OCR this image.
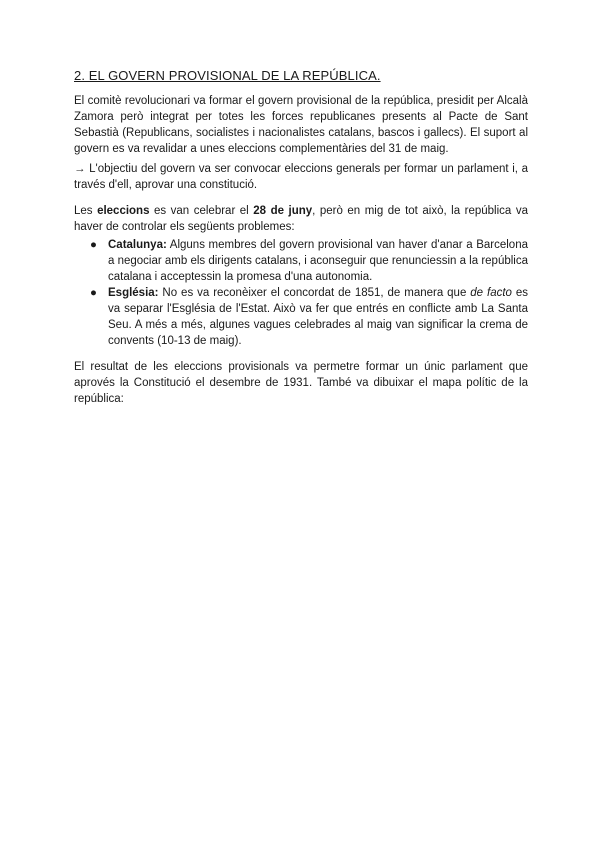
2. EL GOVERN PROVISIONAL DE LA REPÚBLICA.

El comitè revolucionari va formar el govern provisional de la república, presidit per Alcalà Zamora però integrat per totes les forces republicanes presents al Pacte de Sant Sebastià (Republicans, socialistes i nacionalistes catalans, bascos i gallecs). El suport al govern es va revalidar a unes eleccions complementàries del 31 de maig.

→ L'objectiu del govern va ser convocar eleccions generals per formar un parlament i, a través d'ell, aprovar una constitució.

Les eleccions es van celebrar el 28 de juny, però en mig de tot això, la república va haver de controlar els següents problemes:

● Catalunya: Alguns membres del govern provisional van haver d'anar a Barcelona a negociar amb els dirigents catalans, i aconseguir que renunciessin a la república catalana i acceptessin la promesa d'una autonomia.
● Església: No es va reconèixer el concordat de 1851, de manera que de facto es va separar l'Església de l'Estat. Això va fer que entrés en conflicte amb La Santa Seu. A més a més, algunes vagues celebrades al maig van significar la crema de convents (10-13 de maig).

El resultat de les eleccions provisionals va permetre formar un únic parlament que aprovés la Constitució el desembre de 1931. També va dibuixar el mapa polític de la república:
